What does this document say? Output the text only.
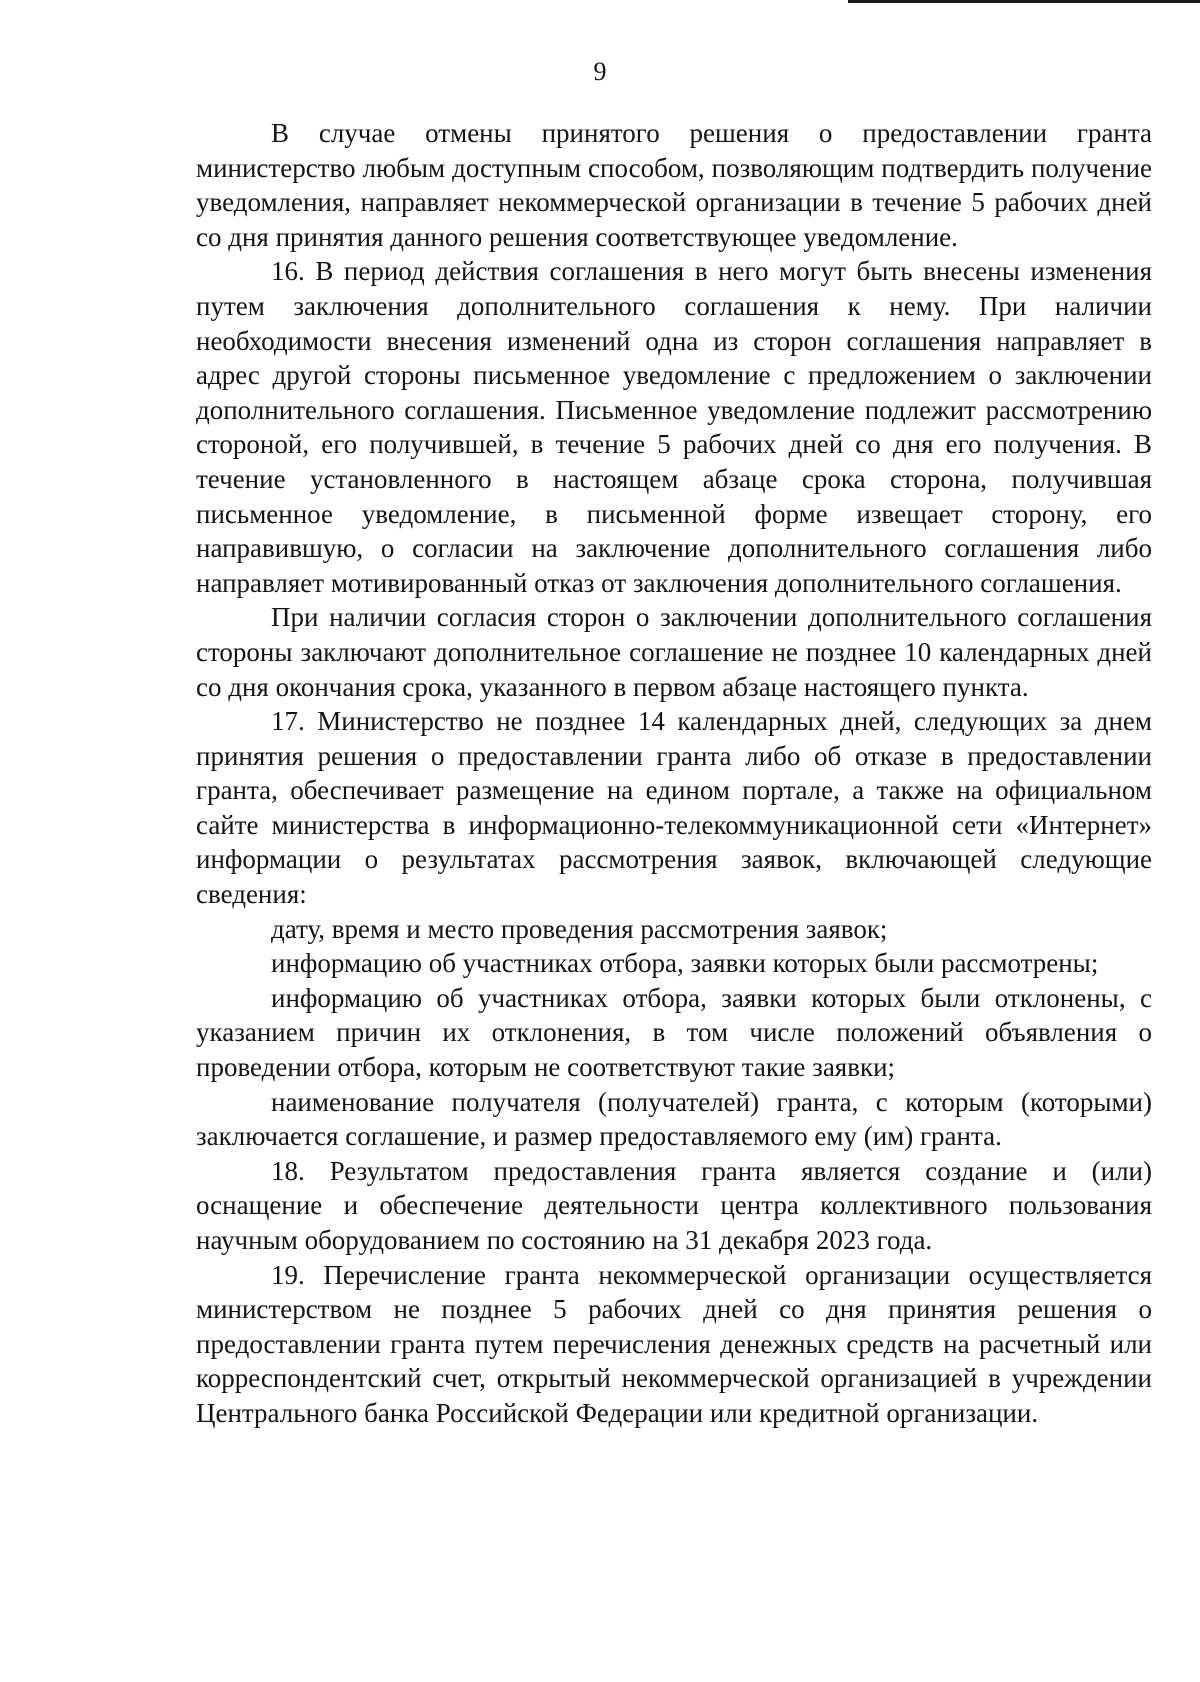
9

В случае отмены принятого решения о предоставлении гранта министерство любым доступным способом, позволяющим подтвердить получение уведомления, направляет некоммерческой организации в течение 5 рабочих дней со дня принятия данного решения соответствующее уведомление.

16. В период действия соглашения в него могут быть внесены изменения путем заключения дополнительного соглашения к нему. При наличии необходимости внесения изменений одна из сторон соглашения направляет в адрес другой стороны письменное уведомление с предложением о заключении дополнительного соглашения. Письменное уведомление подлежит рассмотрению стороной, его получившей, в течение 5 рабочих дней со дня его получения. В течение установленного в настоящем абзаце срока сторона, получившая письменное уведомление, в письменной форме извещает сторону, его направившую, о согласии на заключение дополнительного соглашения либо направляет мотивированный отказ от заключения дополнительного соглашения.

При наличии согласия сторон о заключении дополнительного соглашения стороны заключают дополнительное соглашение не позднее 10 календарных дней со дня окончания срока, указанного в первом абзаце настоящего пункта.

17. Министерство не позднее 14 календарных дней, следующих за днем принятия решения о предоставлении гранта либо об отказе в предоставлении гранта, обеспечивает размещение на едином портале, а также на официальном сайте министерства в информационно-телекоммуникационной сети «Интернет» информации о результатах рассмотрения заявок, включающей следующие сведения:

дату, время и место проведения рассмотрения заявок;

информацию об участниках отбора, заявки которых были рассмотрены;

информацию об участниках отбора, заявки которых были отклонены, с указанием причин их отклонения, в том числе положений объявления о проведении отбора, которым не соответствуют такие заявки;

наименование получателя (получателей) гранта, с которым (которыми) заключается соглашение, и размер предоставляемого ему (им) гранта.

18. Результатом предоставления гранта является создание и (или) оснащение и обеспечение деятельности центра коллективного пользования научным оборудованием по состоянию на 31 декабря 2023 года.

19. Перечисление гранта некоммерческой организации осуществляется министерством не позднее 5 рабочих дней со дня принятия решения о предоставлении гранта путем перечисления денежных средств на расчетный или корреспондентский счет, открытый некоммерческой организацией в учреждении Центрального банка Российской Федерации или кредитной организации.
